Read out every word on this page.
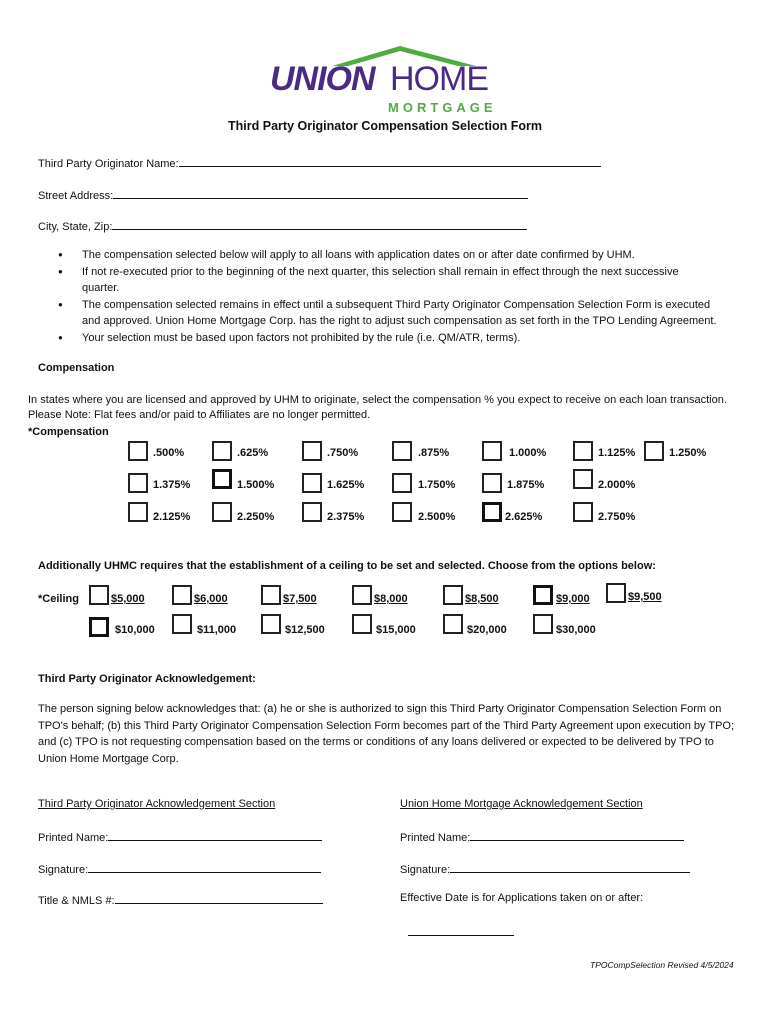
UNION HOME
MORTGAGE
Third Party Originator Compensation Selection Form
Third Party Originator Name:
Street Address:
City, State, Zip:
● The compensation selected below will apply to all loans with application dates on or after date confirmed by UHM.
● If not re-executed prior to the beginning of the next quarter, this selection shall remain in effect through the next successive quarter.
● The compensation selected remains in effect until a subsequent Third Party Originator Compensation Selection Form is executed and approved. Union Home Mortgage Corp. has the right to adjust such compensation as set forth in the TPO Lending Agreement.
● Your selection must be based upon factors not prohibited by the rule (i.e. QM/ATR, terms).
Compensation
In states where you are licensed and approved by UHM to originate, select the compensation % you expect to receive on each loan transaction.
Please Note: Flat fees and/or paid to Affiliates are no longer permitted.
*Compensation
.500%	.625%	.750%	.875%	1.000%	1.125%	1.250%
1.375%	1.500%	1.625%	1.750%	1.875%	2.000%
2.125%	2.250%	2.375%	2.500%	2.625%	2.750%
Additionally UHMC requires that the establishment of a ceiling to be set and selected. Choose from the options below:
*Ceiling	$5,000	$6,000	$7,500	$8,000	$8,500	$9,000	$9,500
$10,000	$11,000	$12,500	$15,000	$20,000	$30,000
Third Party Originator Acknowledgement:
The person signing below acknowledges that: (a) he or she is authorized to sign this Third Party Originator Compensation Selection Form on TPO's behalf; (b) this Third Party Originator Compensation Selection Form becomes part of the Third Party Agreement upon execution by TPO; and (c) TPO is not requesting compensation based on the terms or conditions of any loans delivered or expected to be delivered by TPO to Union Home Mortgage Corp.
Third Party Originator Acknowledgement Section	Union Home Mortgage Acknowledgement Section
Printed Name:	Printed Name:
Signature:	Signature:
Title & NMLS #:	Effective Date is for Applications taken on or after:
TPOCompSelection Revised 4/5/2024
